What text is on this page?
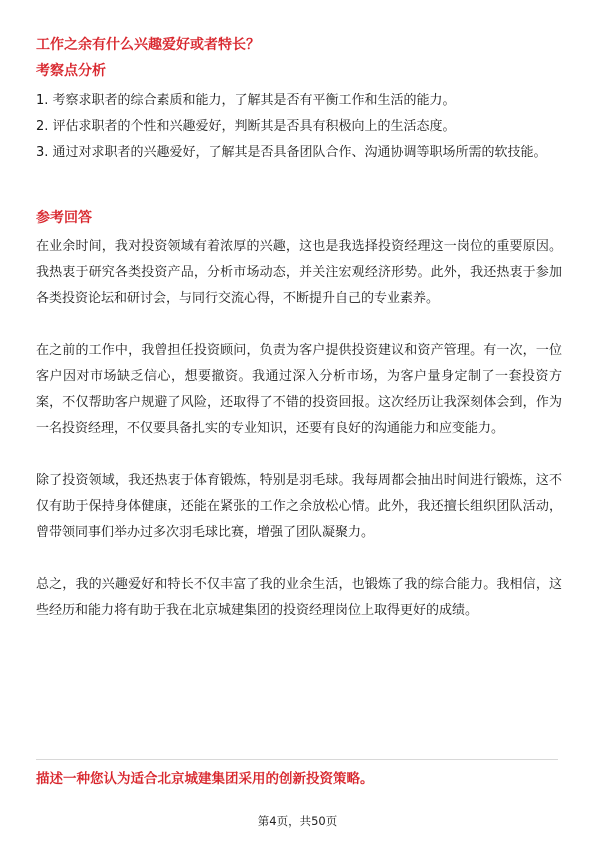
工作之余有什么兴趣爱好或者特长？
考察点分析
1. 考察求职者的综合素质和能力，了解其是否有平衡工作和生活的能力。
2. 评估求职者的个性和兴趣爱好，判断其是否具有积极向上的生活态度。
3. 通过对求职者的兴趣爱好，了解其是否具备团队合作、沟通协调等职场所需的软技能。
参考回答

在业余时间，我对投资领域有着浓厚的兴趣，这也是我选择投资经理这一岗位的重要原因。我热衷于研究各类投资产品，分析市场动态，并关注宏观经济形势。此外，我还热衷于参加各类投资论坛和研讨会，与同行交流心得，不断提升自己的专业素养。

在之前的工作中，我曾担任投资顾问，负责为客户提供投资建议和资产管理。有一次，一位客户因对市场缺乏信心，想要撤资。我通过深入分析市场，为客户量身定制了一套投资方案，不仅帮助客户规避了风险，还取得了不错的投资回报。这次经历让我深刻体会到，作为一名投资经理，不仅要具备扎实的专业知识，还要有良好的沟通能力和应变能力。

除了投资领域，我还热衷于体育锻炼，特别是羽毛球。我每周都会抽出时间进行锻炼，这不仅有助于保持身体健康，还能在紧张的工作之余放松心情。此外，我还擅长组织团队活动，曾带领同事们举办过多次羽毛球比赛，增强了团队凝聚力。

总之，我的兴趣爱好和特长不仅丰富了我的业余生活，也锻炼了我的综合能力。我相信，这些经历和能力将有助于我在北京城建集团的投资经理岗位上取得更好的成绩。

描述一种您认为适合北京城建集团采用的创新投资策略。
第4页，共50页
